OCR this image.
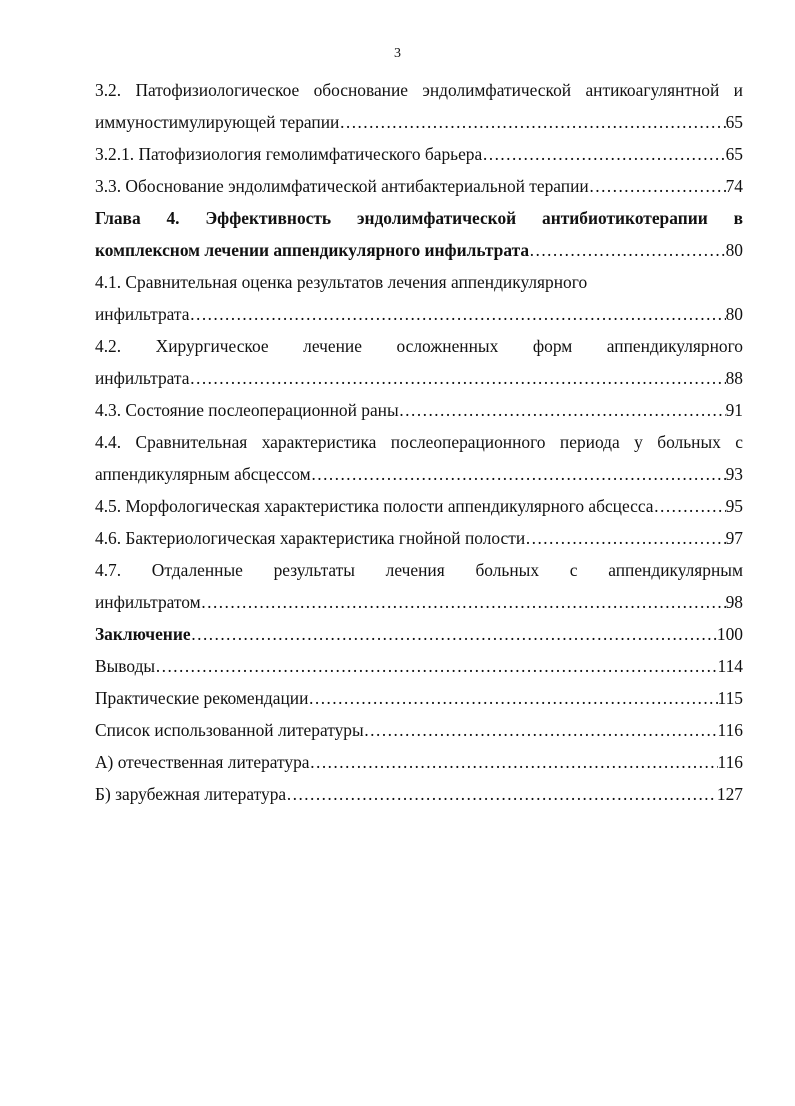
3
3.2. Патофизиологическое обоснование эндолимфатической антикоагулянтной и
иммуностимулирующей терапии ……………………………………………………………………………………………………………………………………………………………………	65
3.2.1. Патофизиология гемолимфатического барьера ……………………………………………………………………………………………………………………………………………………………………	65
3.3. Обоснование эндолимфатической антибактериальной терапии ……………………………………………………………………………………………………………………………………………………………………	74
Глава 4. Эффективность эндолимфатической антибиотикотерапии в
комплексном лечении аппендикулярного инфильтрата ……………………………………………………………………………………………………………………………………………………………………	80
4.1. Сравнительная оценка результатов лечения аппендикулярного
инфильтрата ……………………………………………………………………………………………………………………………………………………………………	80
4.2. Хирургическое лечение осложненных форм аппендикулярного
инфильтрата ……………………………………………………………………………………………………………………………………………………………………	88
4.3. Состояние послеоперационной раны ……………………………………………………………………………………………………………………………………………………………………	91
4.4. Сравнительная характеристика послеоперационного периода у больных с
аппендикулярным абсцессом ……………………………………………………………………………………………………………………………………………………………………	93
4.5. Морфологическая характеристика полости аппендикулярного абсцесса ……………………………………………………………………………………………………………………………………………………………………	95
4.6. Бактериологическая характеристика гнойной полости ……………………………………………………………………………………………………………………………………………………………………	97
4.7. Отдаленные результаты лечения больных с аппендикулярным
инфильтратом ……………………………………………………………………………………………………………………………………………………………………	98
Заключение ……………………………………………………………………………………………………………………………………………………………………	100
Выводы ……………………………………………………………………………………………………………………………………………………………………	114
Практические рекомендации ……………………………………………………………………………………………………………………………………………………………………	115
Список использованной литературы ……………………………………………………………………………………………………………………………………………………………………	116
А) отечественная литература ……………………………………………………………………………………………………………………………………………………………………	116
Б) зарубежная литература ……………………………………………………………………………………………………………………………………………………………………	127
